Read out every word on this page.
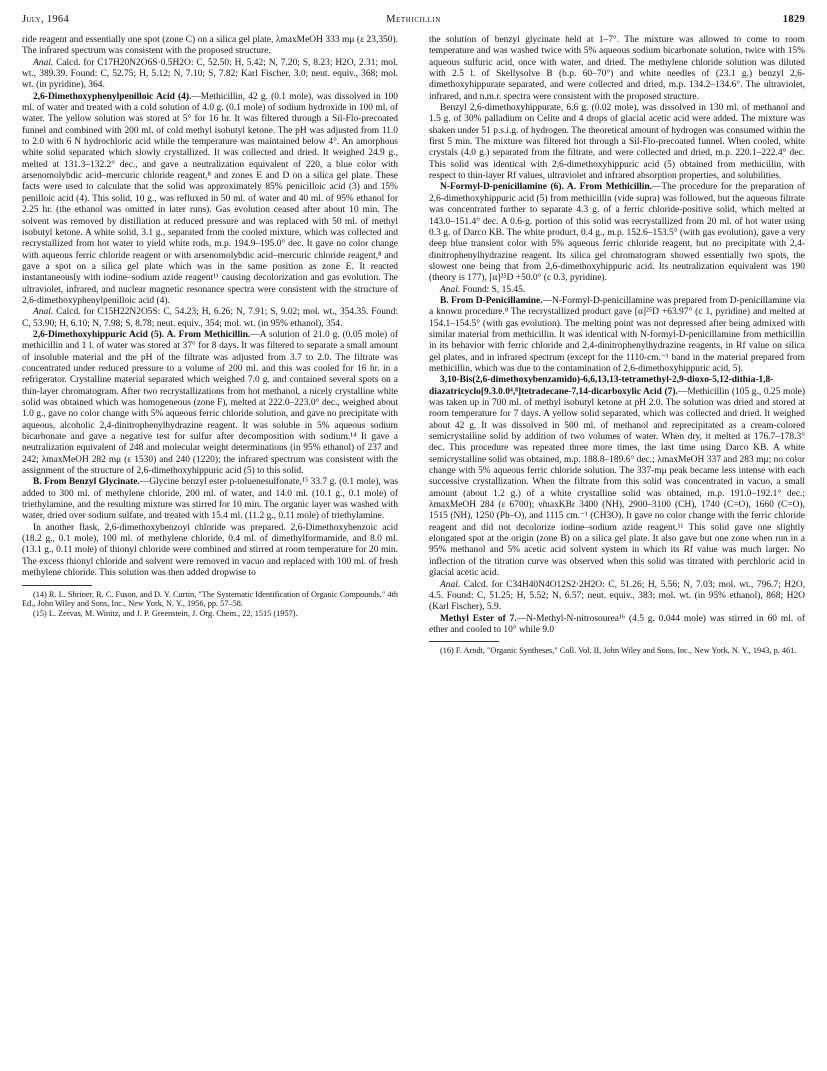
July, 1964	Methicillin	1829

ride reagent and essentially one spot (zone C) on a silica gel plate, λmaxMeOH 333 mμ (ε 23,350). The infrared spectrum was consistent with the proposed structure.

Anal. Calcd. for C17H20N2O6S·0.5H2O: C, 52.50; H, 5.42; N, 7.20; S, 8.23; H2O, 2.31; mol. wt., 389.39. Found: C, 52.75; H, 5.12; N, 7.10; S, 7.82; Karl Fischer, 3.0; neut. equiv., 368; mol. wt. (in pyridine), 364.

2,6-Dimethoxyphenylpenilloic Acid (4).—Methicillin, 42 g. (0.1 mole), was dissolved in 100 ml. of water and treated with a cold solution of 4.0 g. (0.1 mole) of sodium hydroxide in 100 ml. of water. The yellow solution was stored at 5° for 16 hr. It was filtered through a Sil-Flo-precoated funnel and combined with 200 ml. of cold methyl isobutyl ketone. The pH was adjusted from 11.0 to 2.0 with 6 N hydrochloric acid while the temperature was maintained below 4°. An amorphous white solid separated which slowly crystallized. It was collected and dried. It weighed 24.9 g., melted at 131.3–132.2° dec., and gave a neutralization equivalent of 220, a blue color with arsenomolybdic acid–mercuric chloride reagent,⁸ and zones E and D on a silica gel plate. These facts were used to calculate that the solid was approximately 85% penicilloic acid (3) and 15% penilloic acid (4). This solid, 10 g., was refluxed in 50 ml. of water and 40 ml. of 95% ethanol for 2.25 hr. (the ethanol was omitted in later runs). Gas evolution ceased after about 10 min. The solvent was removed by distillation at reduced pressure and was replaced with 50 ml. of methyl isobutyl ketone. A white solid, 3.1 g., separated from the cooled mixture, which was collected and recrystallized from hot water to yield white rods, m.p. 194.9–195.0° dec. It gave no color change with aqueous ferric chloride reagent or with arsenomolybdic acid–mercuric chloride reagent,⁸ and gave a spot on a silica gel plate which was in the same position as zone E. It reacted instantaneously with iodine–sodium azide reagent¹¹ causing decolorization and gas evolution. The ultraviolet, infrared, and nuclear magnetic resonance spectra were consistent with the structure of 2,6-dimethoxyphenylpenilloic acid (4).

Anal. Calcd. for C15H22N2O5S: C, 54.23; H, 6.26; N, 7.91; S, 9.02; mol. wt., 354.35. Found: C, 53.90; H, 6.10; N, 7.98; S, 8.78; neut. equiv., 354; mol. wt. (in 95% ethanol), 354.

2,6-Dimethoxyhippuric Acid (5). A. From Methicillin.—A solution of 21.0 g. (0.05 mole) of methicillin and 1 l. of water was stored at 37° for 8 days. It was filtered to separate a small amount of insoluble material and the pH of the filtrate was adjusted from 3.7 to 2.0. The filtrate was concentrated under reduced pressure to a volume of 200 ml. and this was cooled for 16 hr. in a refrigerator. Crystalline material separated which weighed 7.0 g. and contained several spots on a thin-layer chromatogram. After two recrystallizations from hot methanol, a nicely crystalline white solid was obtained which was homogeneous (zone F), melted at 222.0–223.0° dec., weighed about 1.0 g., gave no color change with 5% aqueous ferric chloride solution, and gave no precipitate with aqueous, alcoholic 2,4-dinitrophenylhydrazine reagent. It was soluble in 5% aqueous sodium bicarbonate and gave a negative test for sulfur after decomposition with sodium.¹⁴ It gave a neutralization equivalent of 248 and molecular weight determinations (in 95% ethanol) of 237 and 242; λmaxMeOH 282 mμ (ε 1530) and 240 (1220); the infrared spectrum was consistent with the assignment of the structure of 2,6-dimethoxyhippuric acid (5) to this solid.

B. From Benzyl Glycinate.—Glycine benzyl ester p-toluenesulfonate,¹⁵ 33.7 g. (0.1 mole), was added to 300 ml. of methylene chloride, 200 ml. of water, and 14.0 ml. (10.1 g., 0.1 mole) of triethylamine, and the resulting mixture was stirred for 10 min. The organic layer was washed with water, dried over sodium sulfate, and treated with 15.4 ml. (11.2 g., 0.11 mole) of triethylamine.

In another flask, 2,6-dimethoxybenzoyl chloride was prepared. 2,6-Dimethoxybenzoic acid (18.2 g., 0.1 mole), 100 ml. of methylene chloride, 0.4 ml. of dimethylformamide, and 8.0 ml. (13.1 g., 0.11 mole) of thionyl chloride were combined and stirred at room temperature for 20 min. The excess thionyl chloride and solvent were removed in vacuo and replaced with 100 ml. of fresh methylene chloride. This solution was then added dropwise to

(14) R. L. Shriner, R. C. Fuson, and D. Y. Curtin, "The Systematic Identification of Organic Compounds," 4th Ed., John Wiley and Sons, Inc., New York, N. Y., 1956, pp. 57–58.

(15) L. Zervas, M. Winitz, and J. P. Greenstein, J. Org. Chem., 22, 1515 (1957).

the solution of benzyl glycinate held at 1–7°. The mixture was allowed to come to room temperature and was washed twice with 5% aqueous sodium bicarbonate solution, twice with 15% aqueous sulfuric acid, once with water, and dried. The methylene chloride solution was diluted with 2.5 l. of Skellysolve B (b.p. 60–70°) and white needles of (23.1 g.) benzyl 2,6-dimethoxyhippurate separated, and were collected and dried, m.p. 134.2–134.6°. The ultraviolet, infrared, and n.m.r. spectra were consistent with the proposed structure.

Benzyl 2,6-dimethoxyhippurate, 6.6 g. (0.02 mole), was dissolved in 130 ml. of methanol and 1.5 g. of 30% palladium on Celite and 4 drops of glacial acetic acid were added. The mixture was shaken under 51 p.s.i.g. of hydrogen. The theoretical amount of hydrogen was consumed within the first 5 min. The mixture was filtered hot through a Sil-Flo-precoated funnel. When cooled, white crystals (4.0 g.) separated from the filtrate, and were collected and dried, m.p. 220.1–222.4° dec. This solid was identical with 2,6-dimethoxyhippuric acid (5) obtained from methicillin, with respect to thin-layer Rf values, ultraviolet and infrared absorption properties, and solubilities.

N-Formyl-D-penicillamine (6). A. From Methicillin.—The procedure for the preparation of 2,6-dimethoxyhippuric acid (5) from methicillin (vide supra) was followed, but the aqueous filtrate was concentrated further to separate 4.3 g. of a ferric chloride-positive solid, which melted at 143.0–151.4° dec. A 0.6-g. portion of this solid was recrystallized from 20 ml. of hot water using 0.3 g. of Darco KB. The white product, 0.4 g., m.p. 152.6–153.5° (with gas evolution), gave a very deep blue transient color with 5% aqueous ferric chloride reagent, but no precipitate with 2,4-dinitrophenylhydrazine reagent. Its silica gel chromatogram showed essentially two spots, the slowest one being that from 2,6-dimethoxyhippuric acid. Its neutralization equivalent was 190 (theory is 177), [α]²⁵D +50.0° (c 0.3, pyridine).

Anal. Found: S, 15.45.

B. From D-Penicillamine.—N-Formyl-D-penicillamine was prepared from D-penicillamine via a known procedure.⁸ The recrystallized product gave [α]²⁵D +63.97° (c 1, pyridine) and melted at 154.1–154.5° (with gas evolution). The melting point was not depressed after being admixed with similar material from methicillin. It was identical with N-formyl-D-penicillamine from methicillin in its behavior with ferric chloride and 2,4-dinitrophenylhydrazine reagents, in Rf value on silica gel plates, and in infrared spectrum (except for the 1110-cm.⁻¹ band in the material prepared from methicillin, which was due to the contamination of 2,6-dimethoxyhippuric acid, 5).

3,10-Bis(2,6-dimethoxybenzamido)-6,6,13,13-tetramethyl-2,9-dioxo-5,12-dithia-1,8-diazatricyclo[9.3.0.0⁴,⁸]tetradecane-7,14-dicarboxylic Acid (7).—Methicillin (105 g., 0.25 mole) was taken up in 700 ml. of methyl isobutyl ketone at pH 2.0. The solution was dried and stored at room temperature for 7 days. A yellow solid separated, which was collected and dried. It weighed about 42 g. It was dissolved in 500 ml. of methanol and reprecipitated as a cream-colored semicrystalline solid by addition of two volumes of water. When dry, it melted at 176.7–178.3° dec. This procedure was repeated three more times, the last time using Darco KB. A white semicrystalline solid was obtained, m.p. 188.8–189.6° dec.; λmaxMeOH 337 and 283 mμ; no color change with 5% aqueous ferric chloride solution. The 337-mμ peak became less intense with each successive crystallization. When the filtrate from this solid was concentrated in vacuo, a small amount (about 1.2 g.) of a white crystalline solid was obtained, m.p. 191.0–192.1° dec.; λmaxMeOH 284 (ε 6700); ν̃maxKBr 3400 (NH), 2900–3100 (CH), 1740 (C=O), 1660 (C=O), 1515 (NH), 1250 (Ph–O), and 1115 cm.⁻¹ (CH3O). It gave no color change with the ferric chloride reagent and did not decolorize iodine–sodium azide reagent.¹¹ This solid gave one slightly elongated spot at the origin (zone B) on a silica gel plate. It also gave but one zone when run in a 95% methanol and 5% acetic acid solvent system in which its Rf value was much larger. No inflection of the titration curve was observed when this solid was titrated with perchloric acid in glacial acetic acid.

Anal. Calcd. for C34H40N4O12S2·2H2O: C, 51.26; H, 5.56; N, 7.03; mol. wt., 796.7; H2O, 4.5. Found: C, 51.25; H, 5.52; N, 6.57; neut. equiv., 383; mol. wt. (in 95% ethanol), 868; H2O (Karl Fischer), 5.9.

Methyl Ester of 7.—N-Methyl-N-nitrosourea¹⁶ (4.5 g. 0.044 mole) was stirred in 60 ml. of ether and cooled to 10° while 9.0

(16) F. Arndt, "Organic Syntheses," Coll. Vol. II, John Wiley and Sons, Inc., New York, N. Y., 1943, p. 461.
